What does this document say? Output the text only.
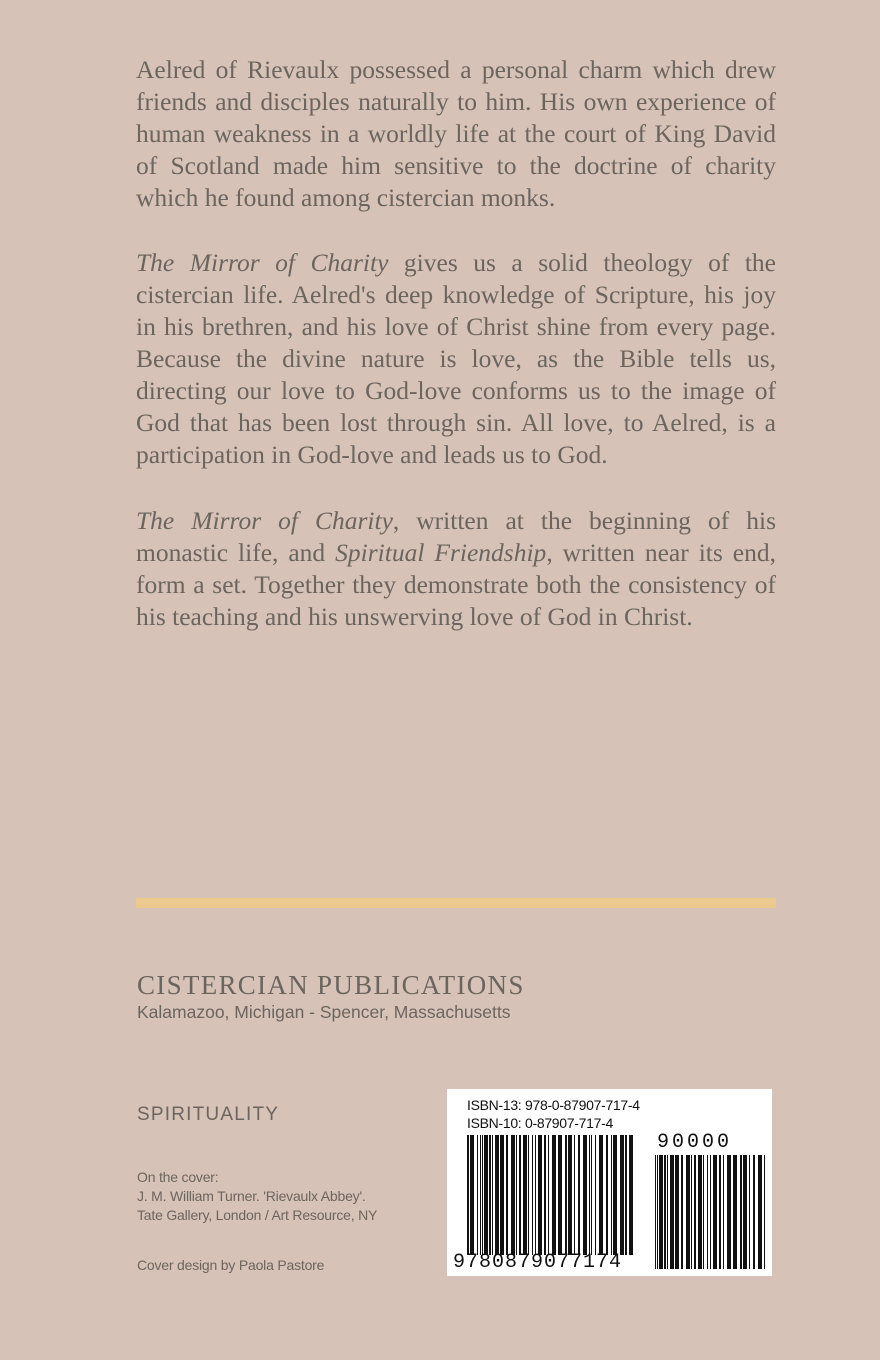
Aelred of Rievaulx possessed a personal charm which drew friends and disciples naturally to him. His own experience of human weakness in a worldly life at the court of King David of Scotland made him sensitive to the doctrine of charity which he found among cistercian monks.

The Mirror of Charity gives us a solid theology of the cistercian life. Aelred's deep knowledge of Scripture, his joy in his brethren, and his love of Christ shine from every page. Because the divine nature is love, as the Bible tells us, directing our love to God-love conforms us to the image of God that has been lost through sin. All love, to Aelred, is a participation in God-love and leads us to God.

The Mirror of Charity, written at the beginning of his monastic life, and Spiritual Friendship, written near its end, form a set. Together they demonstrate both the consistency of his teaching and his unswerving love of God in Christ.

CISTERCIAN PUBLICATIONS
Kalamazoo, Michigan - Spencer, Massachusetts
SPIRITUALITY
On the cover:
J. M. William Turner. 'Rievaulx Abbey'.
Tate Gallery, London / Art Resource, NY
Cover design by Paola Pastore
ISBN-13: 978-0-87907-717-4
ISBN-10: 0-87907-717-4
90000
9780879077174
